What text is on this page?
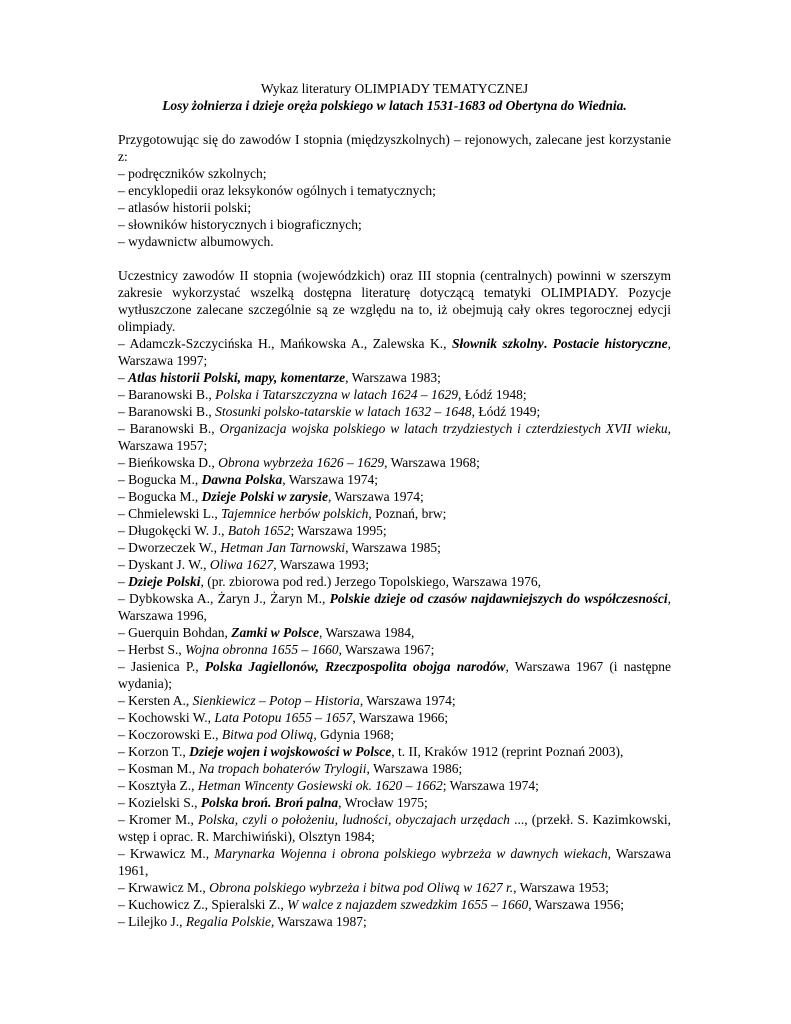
Wykaz literatury OLIMPIADY TEMATYCZNEJ

Losy żołnierza i dzieje oręża polskiego w latach 1531-1683 od Obertyna do Wiednia.

Przygotowując się do zawodów I stopnia (międzyszkolnych) – rejonowych, zalecane jest korzystanie z:

– podręczników szkolnych;

– encyklopedii oraz leksykonów ogólnych i tematycznych;

– atlasów historii polski;

– słowników historycznych i biograficznych;

– wydawnictw albumowych.

Uczestnicy zawodów II stopnia (wojewódzkich) oraz III stopnia (centralnych) powinni w szerszym zakresie wykorzystać wszelką dostępna literaturę dotyczącą tematyki OLIMPIADY. Pozycje wytłuszczone zalecane szczególnie są ze względu na to, iż obejmują cały okres tegorocznej edycji olimpiady.

– Adamczk-Szczycińska H., Mańkowska A., Zalewska K., Słownik szkolny. Postacie historyczne, Warszawa 1997;

– Atlas historii Polski, mapy, komentarze, Warszawa 1983;

– Baranowski B., Polska i Tatarszczyzna w latach 1624 – 1629, Łódź 1948;

– Baranowski B., Stosunki polsko-tatarskie w latach 1632 – 1648, Łódź 1949;

– Baranowski B., Organizacja wojska polskiego w latach trzydziestych i czterdziestych XVII wieku, Warszawa 1957;

– Bieńkowska D., Obrona wybrzeża 1626 – 1629, Warszawa 1968;

– Bogucka M., Dawna Polska, Warszawa 1974;

– Bogucka M., Dzieje Polski w zarysie, Warszawa 1974;

– Chmielewski L., Tajemnice herbów polskich, Poznań, brw;

– Długokęcki W. J., Batoh 1652; Warszawa 1995;

– Dworzeczek W., Hetman Jan Tarnowski, Warszawa 1985;

– Dyskant J. W., Oliwa 1627, Warszawa 1993;

– Dzieje Polski, (pr. zbiorowa pod red.) Jerzego Topolskiego, Warszawa 1976,

– Dybkowska A., Żaryn J., Żaryn M., Polskie dzieje od czasów najdawniejszych do współczesności, Warszawa 1996,

– Guerquin Bohdan, Zamki w Polsce, Warszawa 1984,

– Herbst S., Wojna obronna 1655 – 1660, Warszawa 1967;

– Jasienica P., Polska Jagiellonów, Rzeczpospolita obojga narodów, Warszawa 1967 (i następne wydania);

– Kersten A., Sienkiewicz – Potop – Historia, Warszawa 1974;

– Kochowski W., Lata Potopu 1655 – 1657, Warszawa 1966;

– Koczorowski E., Bitwa pod Oliwą, Gdynia 1968;

– Korzon T., Dzieje wojen i wojskowości w Polsce, t. II, Kraków 1912 (reprint Poznań 2003),

– Kosman M., Na tropach bohaterów Trylogii, Warszawa 1986;

– Kosztyła Z., Hetman Wincenty Gosiewski ok. 1620 – 1662; Warszawa 1974;

– Kozielski S., Polska broń. Broń palna, Wrocław 1975;

– Kromer M., Polska, czyli o położeniu, ludności, obyczajach urzędach ..., (przekł. S. Kazimkowski, wstęp i oprac. R. Marchiwiński), Olsztyn 1984;

– Krwawicz M., Marynarka Wojenna i obrona polskiego wybrzeża w dawnych wiekach, Warszawa 1961,

– Krwawicz M., Obrona polskiego wybrzeża i bitwa pod Oliwą w 1627 r., Warszawa 1953;

– Kuchowicz Z., Spieralski Z., W walce z najazdem szwedzkim 1655 – 1660, Warszawa 1956;

– Lilejko J., Regalia Polskie, Warszawa 1987;
